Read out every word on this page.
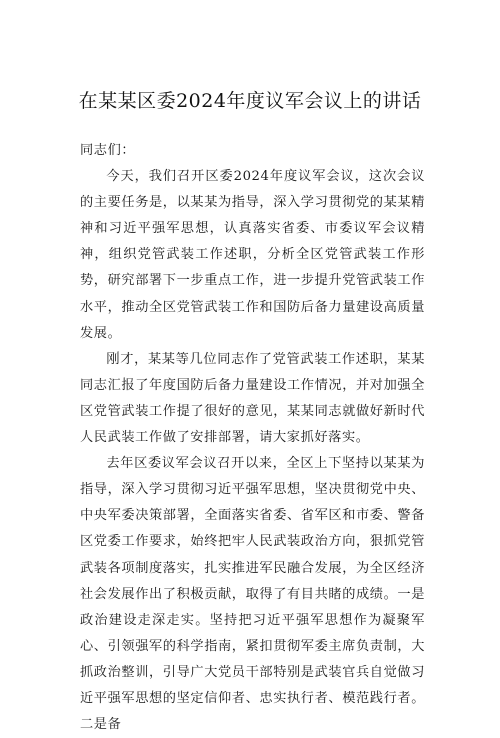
在某某区委2024年度议军会议上的讲话

同志们：

今天，我们召开区委2024年度议军会议，这次会议的主要任务是，以某某为指导，深入学习贯彻党的某某精神和习近平强军思想，认真落实省委、市委议军会议精神，组织党管武装工作述职，分析全区党管武装工作形势，研究部署下一步重点工作，进一步提升党管武装工作水平，推动全区党管武装工作和国防后备力量建设高质量发展。

刚才，某某等几位同志作了党管武装工作述职，某某同志汇报了年度国防后备力量建设工作情况，并对加强全区党管武装工作提了很好的意见，某某同志就做好新时代人民武装工作做了安排部署，请大家抓好落实。

去年区委议军会议召开以来，全区上下坚持以某某为指导，深入学习贯彻习近平强军思想，坚决贯彻党中央、中央军委决策部署，全面落实省委、省军区和市委、警备区党委工作要求，始终把牢人民武装政治方向，狠抓党管武装各项制度落实，扎实推进军民融合发展，为全区经济社会发展作出了积极贡献，取得了有目共睹的成绩。一是政治建设走深走实。坚持把习近平强军思想作为凝聚军心、引领强军的科学指南，紧扣贯彻军委主席负责制，大抓政治整训，引导广大党员干部特别是武装官兵自觉做习近平强军思想的坚定信仰者、忠实执行者、模范践行者。二是备
